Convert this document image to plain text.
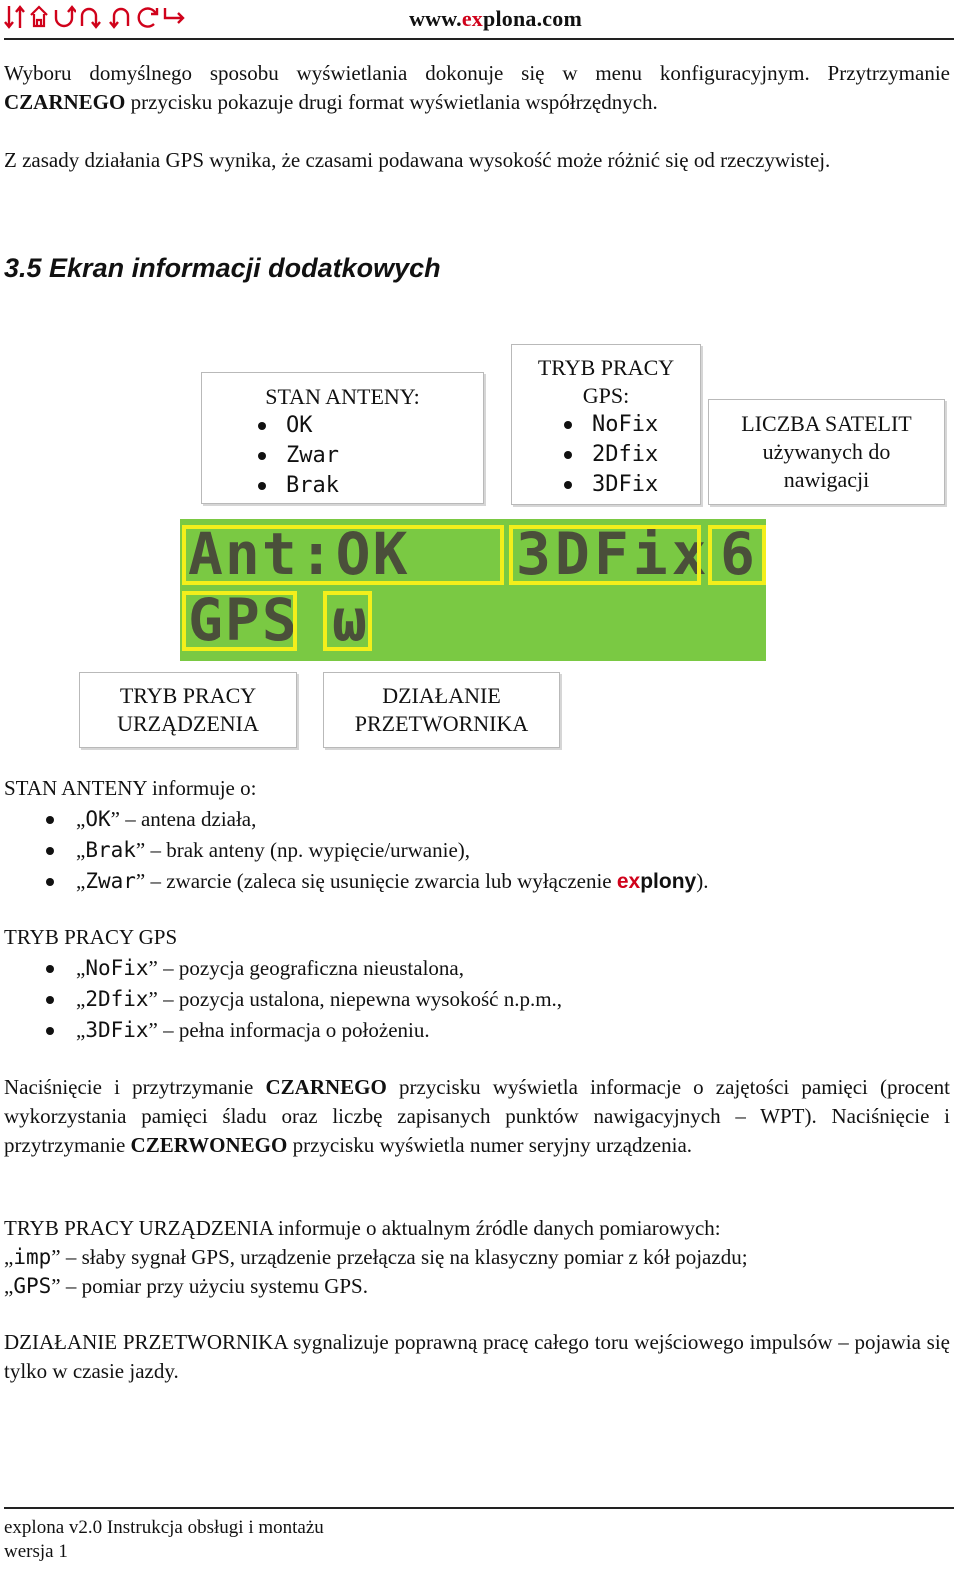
www.explona.com
Wyboru domyślnego sposobu wyświetlania dokonuje się w menu konfiguracyjnym. Przytrzymanie CZARNEGO przycisku pokazuje drugi format wyświetlania współrzędnych.
Z zasady działania GPS wynika, że czasami podawana wysokość może różnić się od rzeczywistej.
3.5 Ekran informacji dodatkowych
STAN ANTENY:
OK
Zwar
Brak
TRYB PRACY
GPS:
NoFix
2Dfix
3DFix
LICZBA SATELIT
używanych do
nawigacji
Ant:OK 3DFix 6
GPS ω
TRYB PRACY
URZĄDZENIA
DZIAŁANIE
PRZETWORNIKA
STAN ANTENY informuje o:
„OK” – antena działa,
„Brak” – brak anteny (np. wypięcie/urwanie),
„Zwar” – zwarcie (zaleca się usunięcie zwarcia lub wyłączenie explony).
TRYB PRACY GPS
„NoFix” – pozycja geograficzna nieustalona,
„2Dfix” – pozycja ustalona, niepewna wysokość n.p.m.,
„3DFix” – pełna informacja o położeniu.
Naciśnięcie i przytrzymanie CZARNEGO przycisku wyświetla informacje o zajętości pamięci (procent wykorzystania pamięci śladu oraz liczbę zapisanych punktów nawigacyjnych – WPT). Naciśnięcie i przytrzymanie CZERWONEGO przycisku wyświetla numer seryjny urządzenia.
TRYB PRACY URZĄDZENIA informuje o aktualnym źródle danych pomiarowych:
„imp” – słaby sygnał GPS, urządzenie przełącza się na klasyczny pomiar z kół pojazdu;
„GPS” – pomiar przy użyciu systemu GPS.
DZIAŁANIE PRZETWORNIKA sygnalizuje poprawną pracę całego toru wejściowego impulsów – pojawia się tylko w czasie jazdy.
explona v2.0 Instrukcja obsługi i montażu
wersja 1
